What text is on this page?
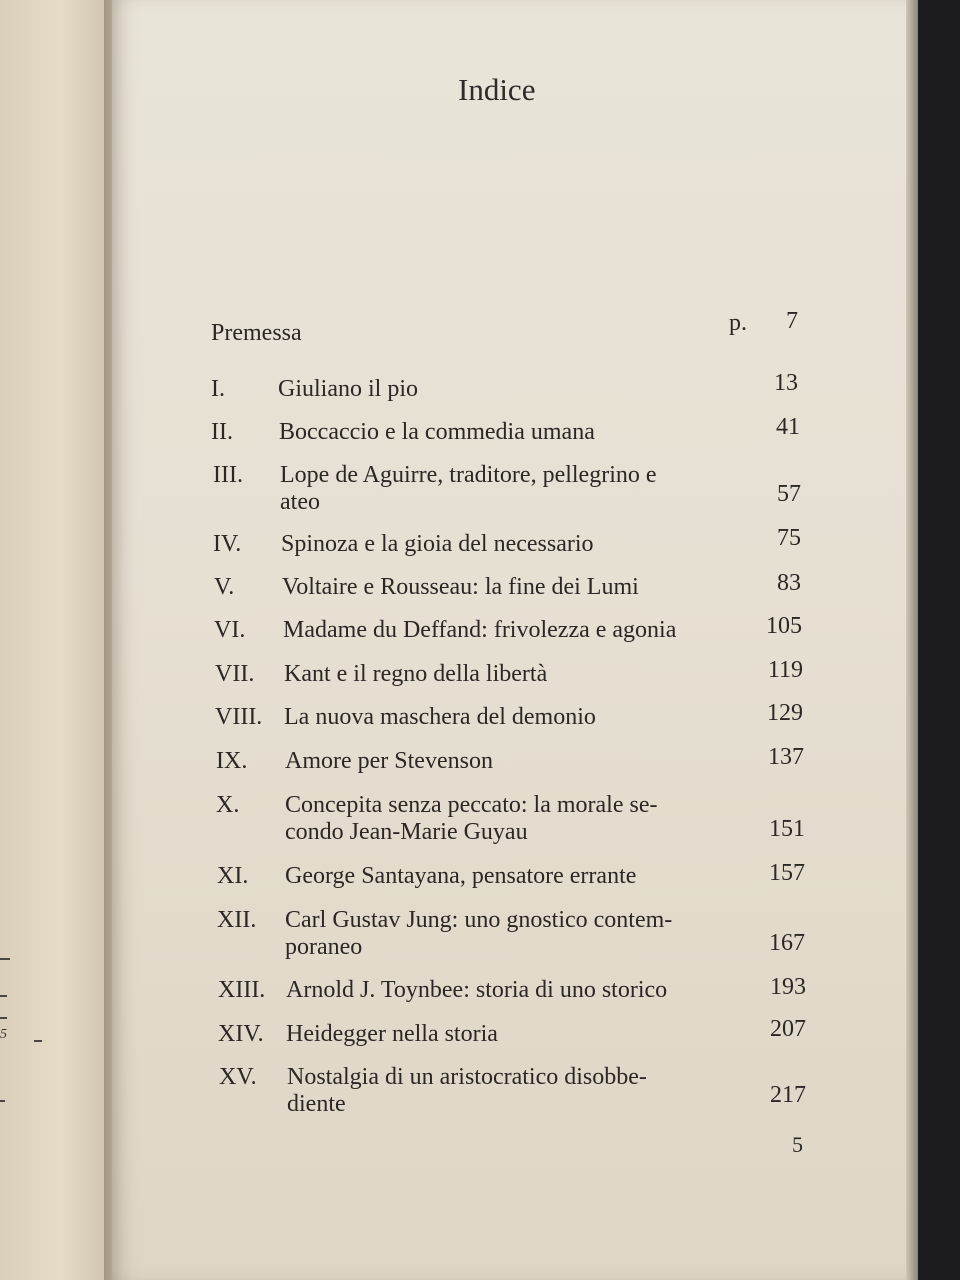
5
Indice
Premessa	p.	7
I. Giuliano il pio	13
II. Boccaccio e la commedia umana	41
III. Lope de Aguirre, traditore, pellegrino e
ateo	57
IV. Spinoza e la gioia del necessario	75
V. Voltaire e Rousseau: la fine dei Lumi	83
VI. Madame du Deffand: frivolezza e agonia	105
VII. Kant e il regno della libertà	119
VIII. La nuova maschera del demonio	129
IX. Amore per Stevenson	137
X. Concepita senza peccato: la morale se-
condo Jean-Marie Guyau	151
XI. George Santayana, pensatore errante	157
XII. Carl Gustav Jung: uno gnostico contem-
poraneo	167
XIII. Arnold J. Toynbee: storia di uno storico	193
XIV. Heidegger nella storia	207
XV. Nostalgia di un aristocratico disobbe-
diente	217
5
